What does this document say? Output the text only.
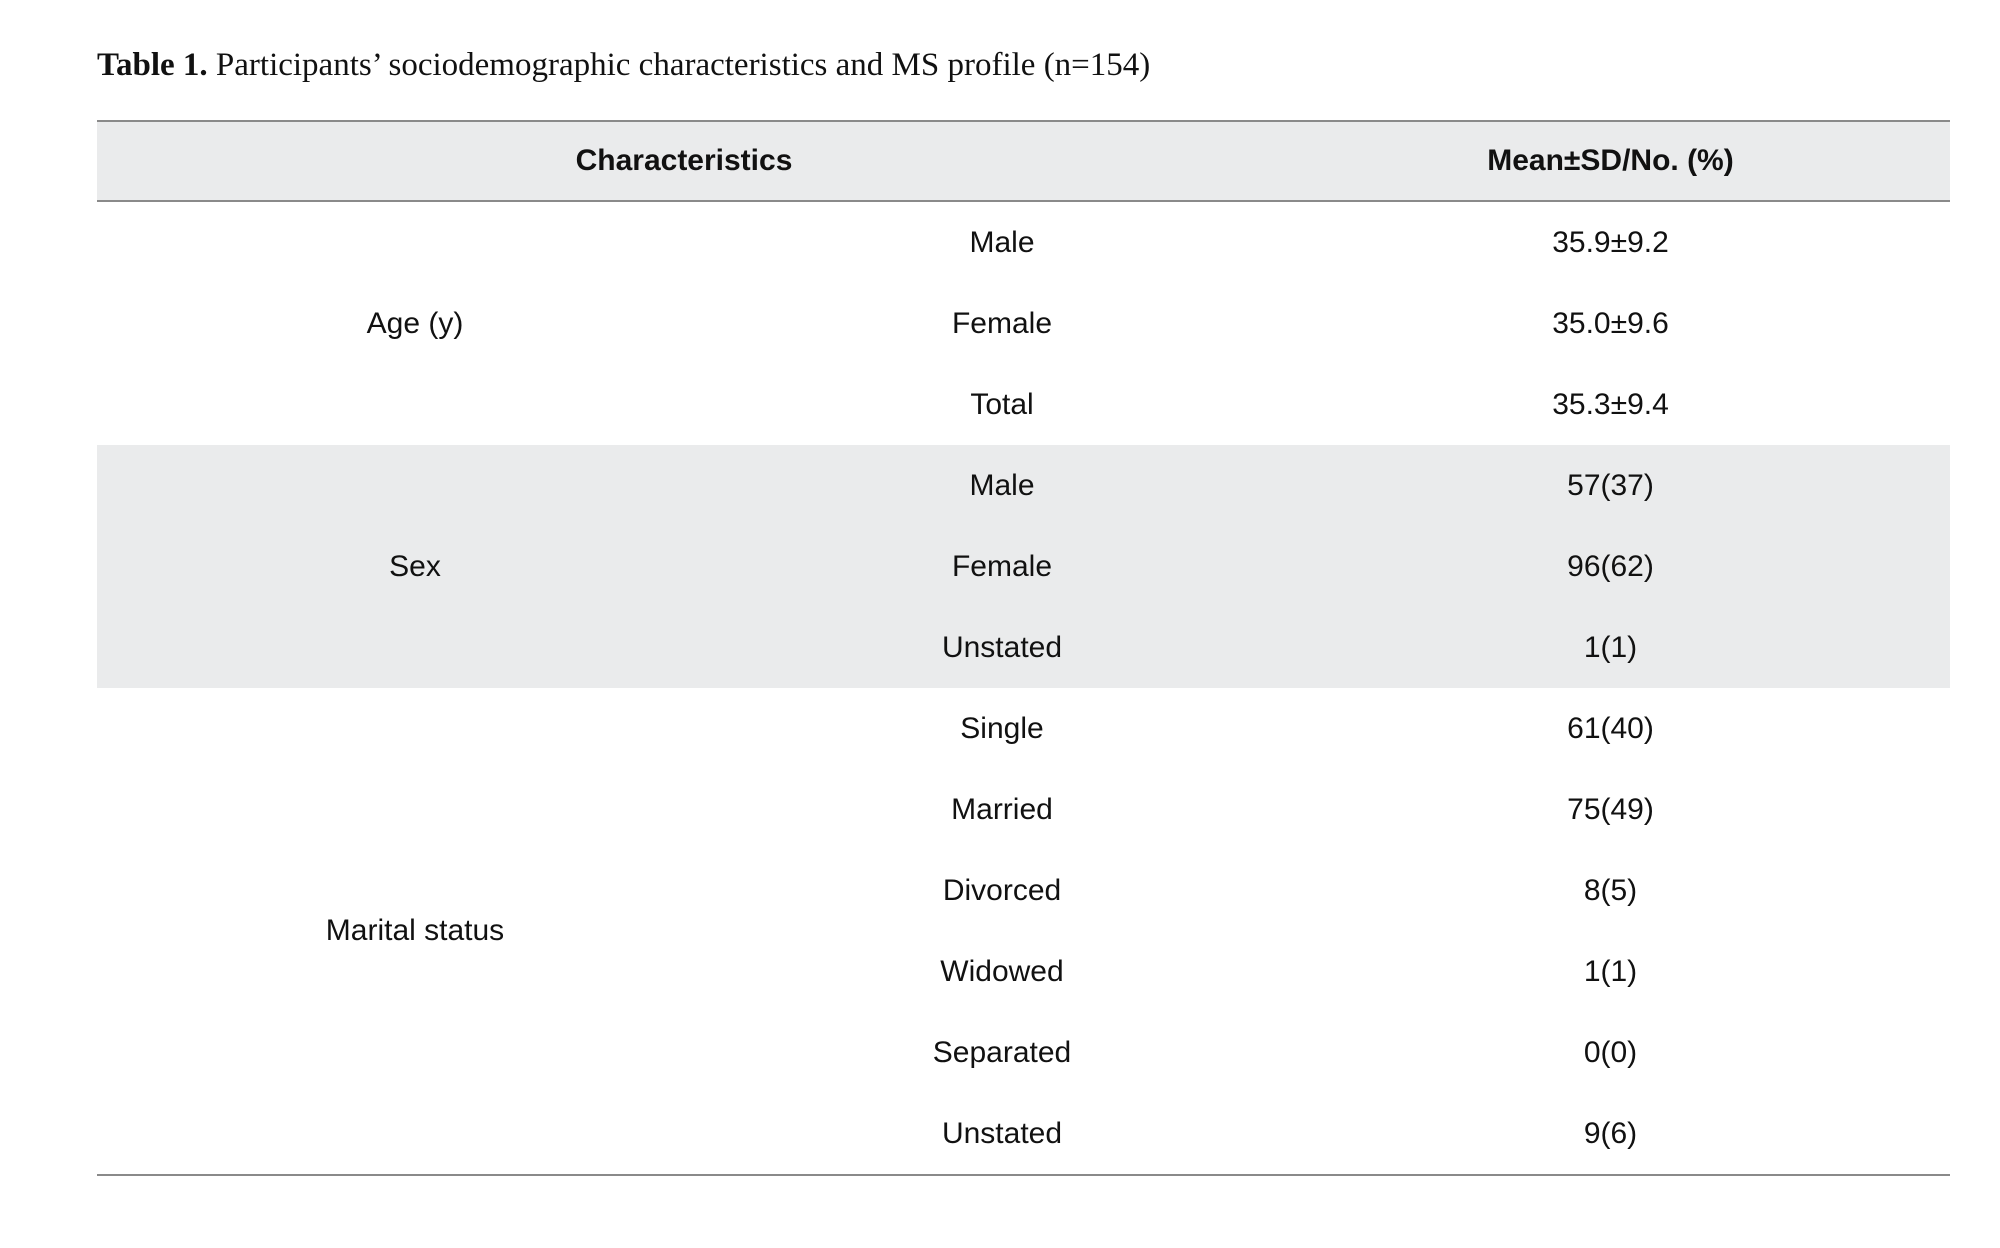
Table 1. Participants’ sociodemographic characteristics and MS profile (n=154)
Characteristics		Mean±SD/No. (%)
Age (y)	Male	35.9±9.2
	Female	35.0±9.6
	Total	35.3±9.4
Sex	Male	57(37)
	Female	96(62)
	Unstated	1(1)
Marital status	Single	61(40)
	Married	75(49)
	Divorced	8(5)
	Widowed	1(1)
	Separated	0(0)
	Unstated	9(6)
